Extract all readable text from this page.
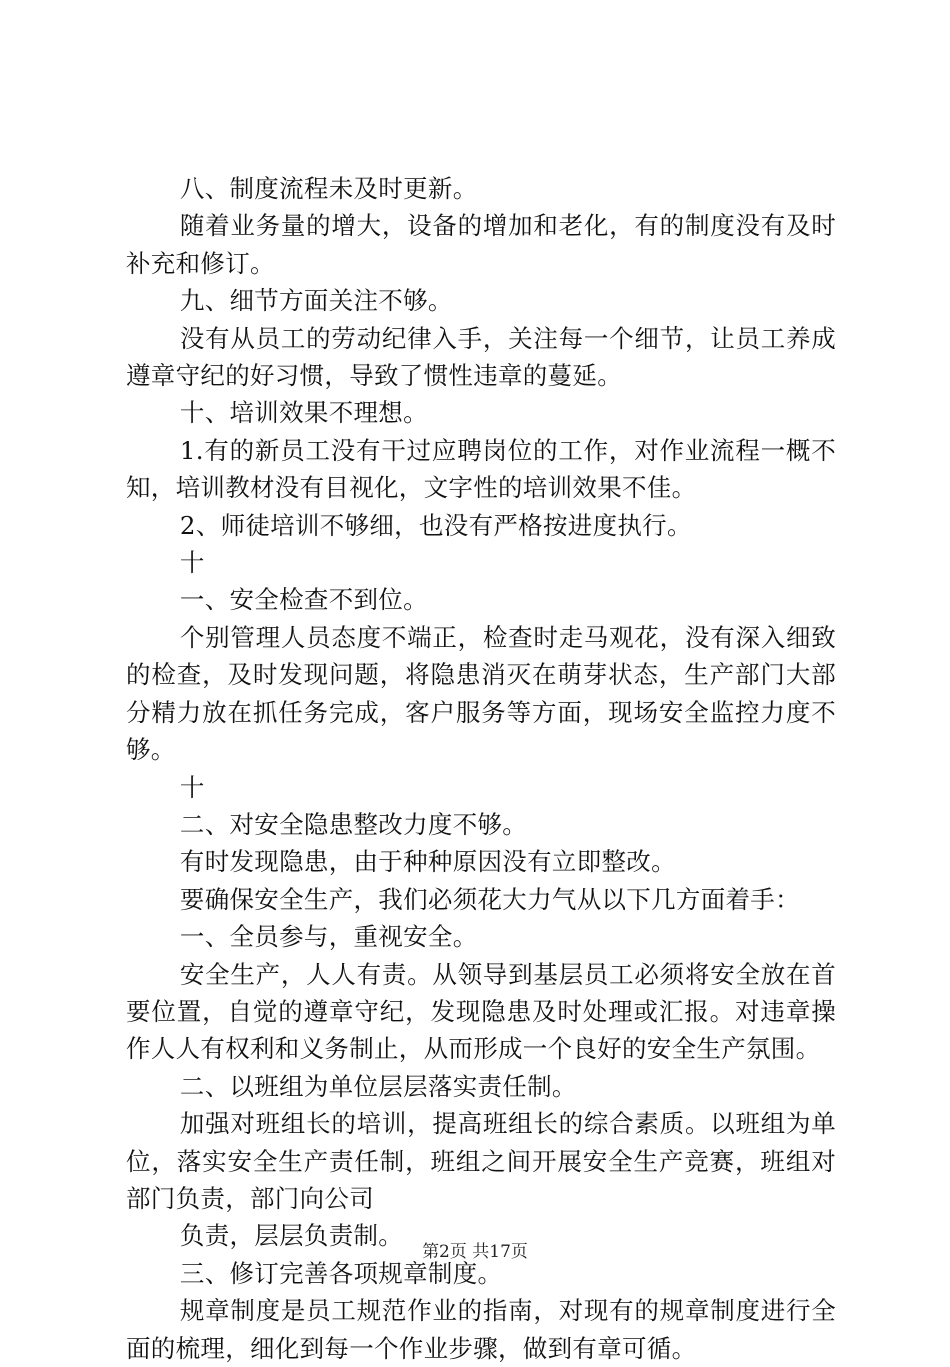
八、制度流程未及时更新。

随着业务量的增大，设备的增加和老化，有的制度没有及时补充和修订。

九、细节方面关注不够。

没有从员工的劳动纪律入手，关注每一个细节，让员工养成遵章守纪的好习惯，导致了惯性违章的蔓延。

十、培训效果不理想。

1.有的新员工没有干过应聘岗位的工作，对作业流程一概不知，培训教材没有目视化，文字性的培训效果不佳。

2、师徒培训不够细，也没有严格按进度执行。

十

一、安全检查不到位。

个别管理人员态度不端正，检查时走马观花，没有深入细致的检查，及时发现问题，将隐患消灭在萌芽状态，生产部门大部分精力放在抓任务完成，客户服务等方面，现场安全监控力度不够。

十

二、对安全隐患整改力度不够。

有时发现隐患，由于种种原因没有立即整改。

要确保安全生产，我们必须花大力气从以下几方面着手：

一、全员参与，重视安全。

安全生产，人人有责。从领导到基层员工必须将安全放在首要位置，自觉的遵章守纪，发现隐患及时处理或汇报。对违章操作人人有权利和义务制止，从而形成一个良好的安全生产氛围。

二、以班组为单位层层落实责任制。

加强对班组长的培训，提高班组长的综合素质。以班组为单位，落实安全生产责任制，班组之间开展安全生产竞赛，班组对部门负责，部门向公司

负责，层层负责制。

三、修订完善各项规章制度。

规章制度是员工规范作业的指南，对现有的规章制度进行全面的梳理，细化到每一个作业步骤，做到有章可循。

第2页 共17页
